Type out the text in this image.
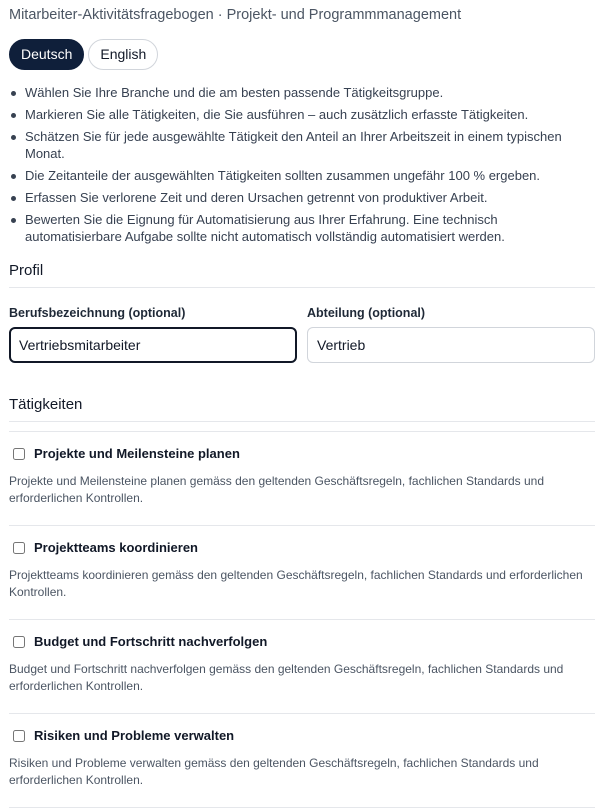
Mitarbeiter-Aktivitätsfragebogen · Projekt- und Programmmanagement
Deutsch	English
Wählen Sie Ihre Branche und die am besten passende Tätigkeitsgruppe.
Markieren Sie alle Tätigkeiten, die Sie ausführen – auch zusätzlich erfasste Tätigkeiten.
Schätzen Sie für jede ausgewählte Tätigkeit den Anteil an Ihrer Arbeitszeit in einem typischen Monat.
Die Zeitanteile der ausgewählten Tätigkeiten sollten zusammen ungefähr 100 % ergeben.
Erfassen Sie verlorene Zeit und deren Ursachen getrennt von produktiver Arbeit.
Bewerten Sie die Eignung für Automatisierung aus Ihrer Erfahrung. Eine technisch automatisierbare Aufgabe sollte nicht automatisch vollständig automatisiert werden.
Profil
Berufsbezeichnung (optional)
Vertriebsmitarbeiter	Abteilung (optional)
Vertrieb
Tätigkeiten
Projekte und Meilensteine planen
Projekte und Meilensteine planen gemäss den geltenden Geschäftsregeln, fachlichen Standards und erforderlichen Kontrollen.
Projektteams koordinieren
Projektteams koordinieren gemäss den geltenden Geschäftsregeln, fachlichen Standards und erforderlichen Kontrollen.
Budget und Fortschritt nachverfolgen
Budget und Fortschritt nachverfolgen gemäss den geltenden Geschäftsregeln, fachlichen Standards und erforderlichen Kontrollen.
Risiken und Probleme verwalten
Risiken und Probleme verwalten gemäss den geltenden Geschäftsregeln, fachlichen Standards und erforderlichen Kontrollen.
